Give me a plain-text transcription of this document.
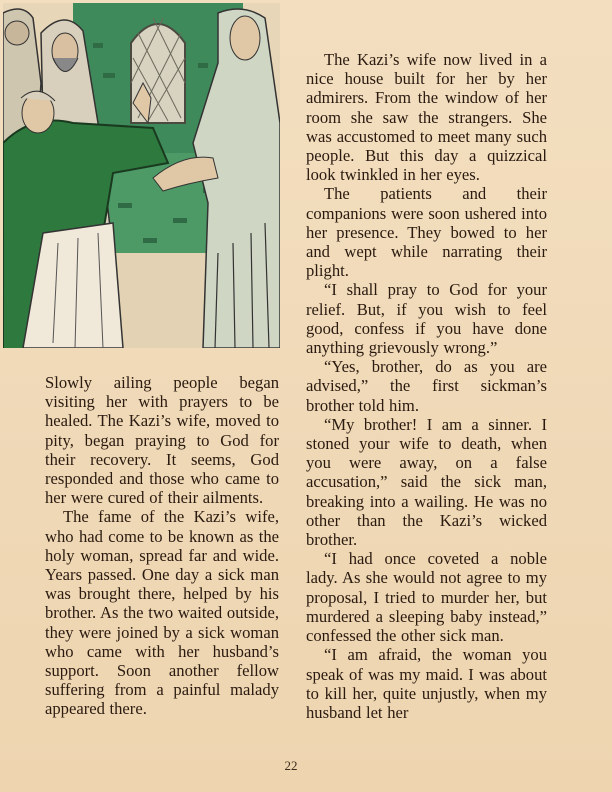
Slowly ailing people began visiting her with prayers to be healed. The Kazi’s wife, moved to pity, began praying to God for their recovery. It seems, God responded and those who came to her were cured of their ailments.

The fame of the Kazi’s wife, who had come to be known as the holy woman, spread far and wide. Years passed. One day a sick man was brought there, helped by his brother. As the two waited outside, they were joined by a sick woman who came with her husband’s support. Soon another fellow suffering from a painful malady appeared there.

The Kazi’s wife now lived in a nice house built for her by her admirers. From the window of her room she saw the strangers. She was accustomed to meet many such people. But this day a quizzical look twinkled in her eyes.

The patients and their companions were soon ushered into her presence. They bowed to her and wept while narrating their plight.

“I shall pray to God for your relief. But, if you wish to feel good, confess if you have done anything grievously wrong.”

“Yes, brother, do as you are advised,” the first sickman’s brother told him.

“My brother! I am a sinner. I stoned your wife to death, when you were away, on a false accusation,” said the sick man, breaking into a wailing. He was no other than the Kazi’s wicked brother.

“I had once coveted a noble lady. As she would not agree to my proposal, I tried to murder her, but murdered a sleeping baby instead,” confessed the other sick man.

“I am afraid, the woman you speak of was my maid. I was about to kill her, quite unjustly, when my husband let her

22
